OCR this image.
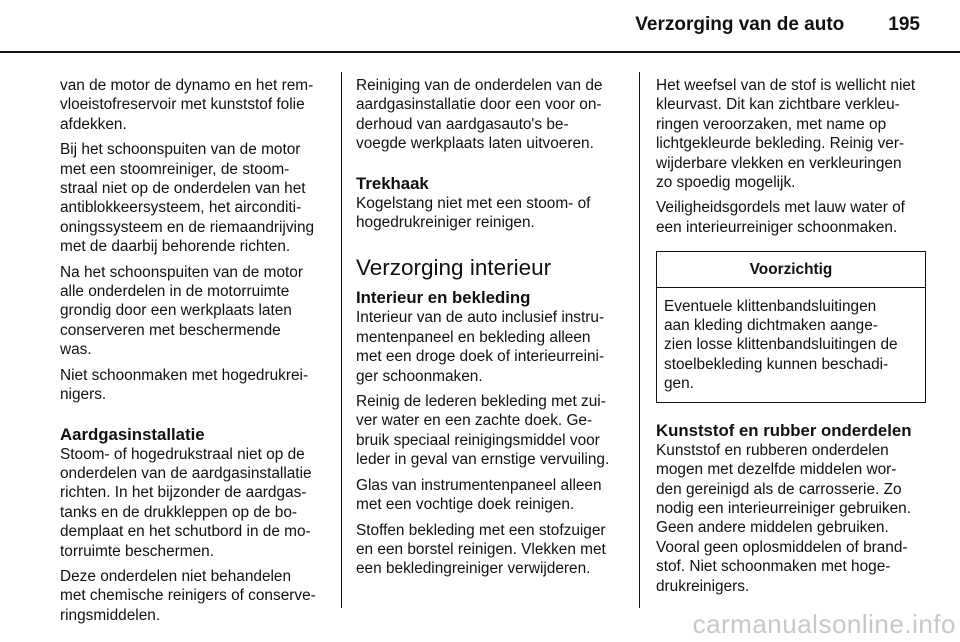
Verzorging van de auto 195

van de motor de dynamo en het rem-
vloeistofreservoir met kunststof folie
afdekken.

Bij het schoonspuiten van de motor
met een stoomreiniger, de stoom-
straal niet op de onderdelen van het
antiblokkeersysteem, het airconditi-
oningssysteem en de riemaandrijving
met de daarbij behorende richten.

Na het schoonspuiten van de motor
alle onderdelen in de motorruimte
grondig door een werkplaats laten
conserveren met beschermende
was.

Niet schoonmaken met hogedrukrei-
nigers.

Aardgasinstallatie

Stoom- of hogedrukstraal niet op de
onderdelen van de aardgasinstallatie
richten. In het bijzonder de aardgas-
tanks en de drukkleppen op de bo-
demplaat en het schutbord in de mo-
torruimte beschermen.

Deze onderdelen niet behandelen
met chemische reinigers of conserve-
ringsmiddelen.

Reiniging van de onderdelen van de
aardgasinstallatie door een voor on-
derhoud van aardgasauto's be-
voegde werkplaats laten uitvoeren.

Trekhaak

Kogelstang niet met een stoom- of
hogedrukreiniger reinigen.

Verzorging interieur
Interieur en bekleding

Interieur van de auto inclusief instru-
mentenpaneel en bekleding alleen
met een droge doek of interieurreini-
ger schoonmaken.

Reinig de lederen bekleding met zui-
ver water en een zachte doek. Ge-
bruik speciaal reinigingsmiddel voor
leder in geval van ernstige vervuiling.

Glas van instrumentenpaneel alleen
met een vochtige doek reinigen.

Stoffen bekleding met een stofzuiger
en een borstel reinigen. Vlekken met
een bekledingreiniger verwijderen.

Het weefsel van de stof is wellicht niet
kleurvast. Dit kan zichtbare verkleu-
ringen veroorzaken, met name op
lichtgekleurde bekleding. Reinig ver-
wijderbare vlekken en verkleuringen
zo spoedig mogelijk.

Veiligheidsgordels met lauw water of
een interieurreiniger schoonmaken.

Voorzichtig
Eventuele klittenbandsluitingen
aan kleding dichtmaken aange-
zien losse klittenbandsluitingen de
stoelbekleding kunnen beschadi-
gen.
Kunststof en rubber onderdelen

Kunststof en rubberen onderdelen
mogen met dezelfde middelen wor-
den gereinigd als de carrosserie. Zo
nodig een interieurreiniger gebruiken.
Geen andere middelen gebruiken.
Vooral geen oplosmiddelen of brand-
stof. Niet schoonmaken met hoge-
drukreinigers.

carmanualsonline.info
